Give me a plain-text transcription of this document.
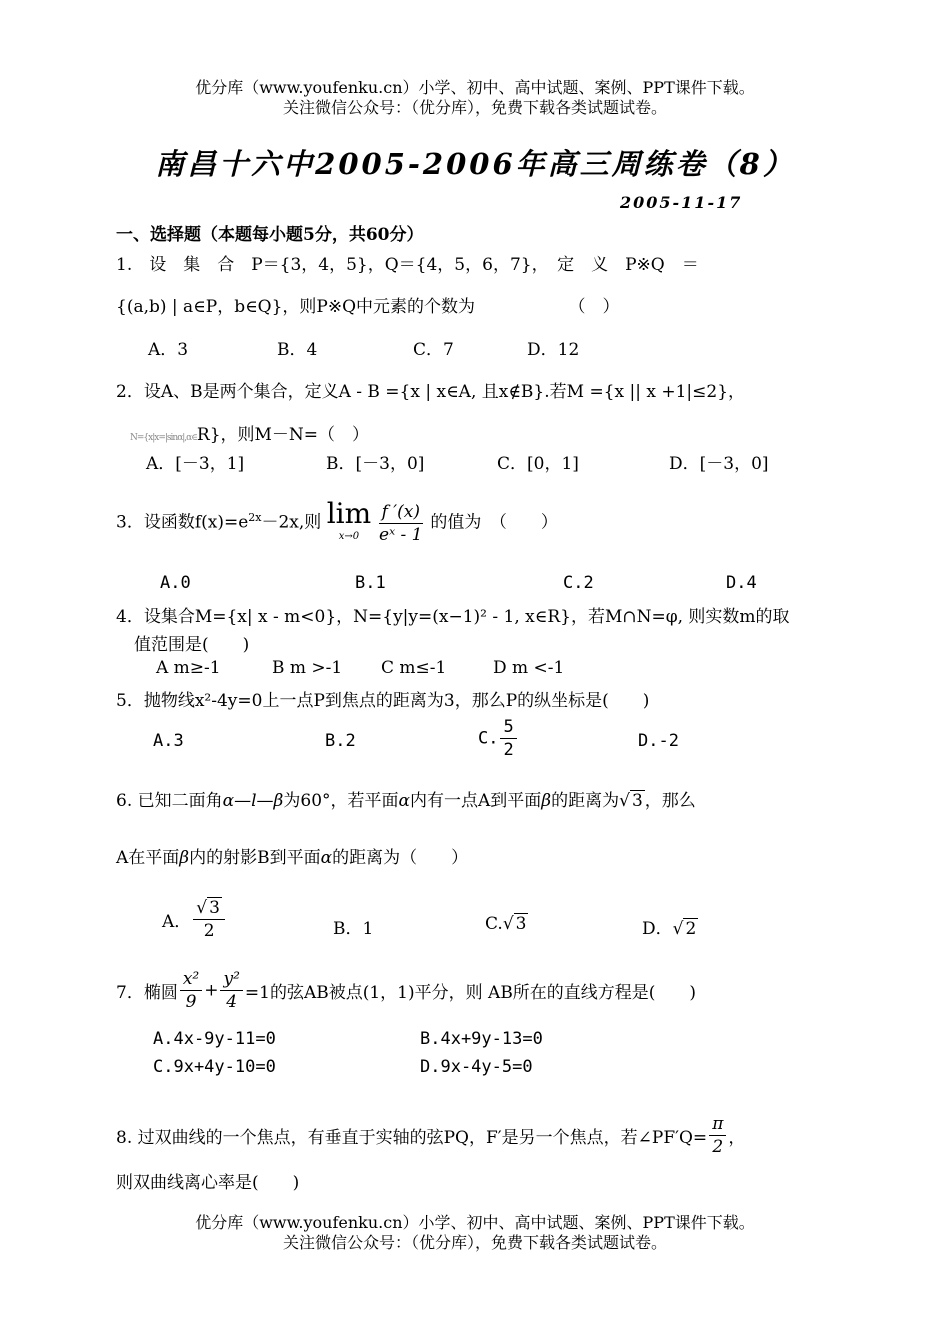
优分库（www.youfenku.cn）小学、初中、高中试题、案例、PPT课件下载。
关注微信公众号：（优分库），免费下载各类试题试卷。
南昌十六中2005-2006年高三周练卷（8）
2005-11-17
一、选择题（本题每小题5分，共60分）
1.　设　集　合　P＝{3，4，5}，Q＝{4，5，6，7}，　定　义　P※Q　＝
{(a,b) | a∈P，b∈Q}，则P※Q中元素的个数为　　　　　　（　）
A．3	B．4	C．7	D．12
2．设A、B是两个集合，定义A - B ={x | x∈A, 且x∉B}.若M ={x || x +1|≤2}，
N={x|x=|sinα|,α∈R}，则M－N=（　）
A．[－3，1]	B．[－3，0]	C．[0，1]	D．[－3，0]
3．设函数$f(x)=e^{2x}-2x$,则 lim
x→0
	$\frac{f '(x)}{\text{eˣ - 1}}$ 的值为　（　　）
A.0	B.1	C.2	D.4
4．设集合M={x| x - m<0}，N={y|y=(x−1)² - 1, x∈R}，若M∩N=φ, 则实数m的取
值范围是(　　)
A m≥-1	B m >-1 C m≤-1	D m <-1
5．抛物线x²-4y=0上一点P到焦点的距离为3，那么P的纵坐标是(　　)
A.3	B.2	C. $\frac{5}{2}$	D.-2
6. 已知二面角α—l—β为60°，若平面α内有一点A到平面β的距离为√ 3 ，那么
A在平面β内的射影B到平面α的距离为（　　）
A． $\frac{√ 3}{2}$	B．1	C.√ 3	D．√ 2
7．椭圆 $\frac{\text{x²}}{9} + \frac{\text{y²}}{4} =1$的弦AB被点(1，1)平分，则 AB所在的直线方程是(　　)
A.4x-9y-11=0	B.4x+9y-13=0
C.9x+4y-10=0	D.9x-4y-5=0
8. 过双曲线的一个焦点，有垂直于实轴的弦PQ，F′是另一个焦点，若∠PF′Q= $\frac{\pi}{2}$ ，
则双曲线离心率是(　　)
优分库（www.youfenku.cn）小学、初中、高中试题、案例、PPT课件下载。
关注微信公众号：（优分库），免费下载各类试题试卷。
